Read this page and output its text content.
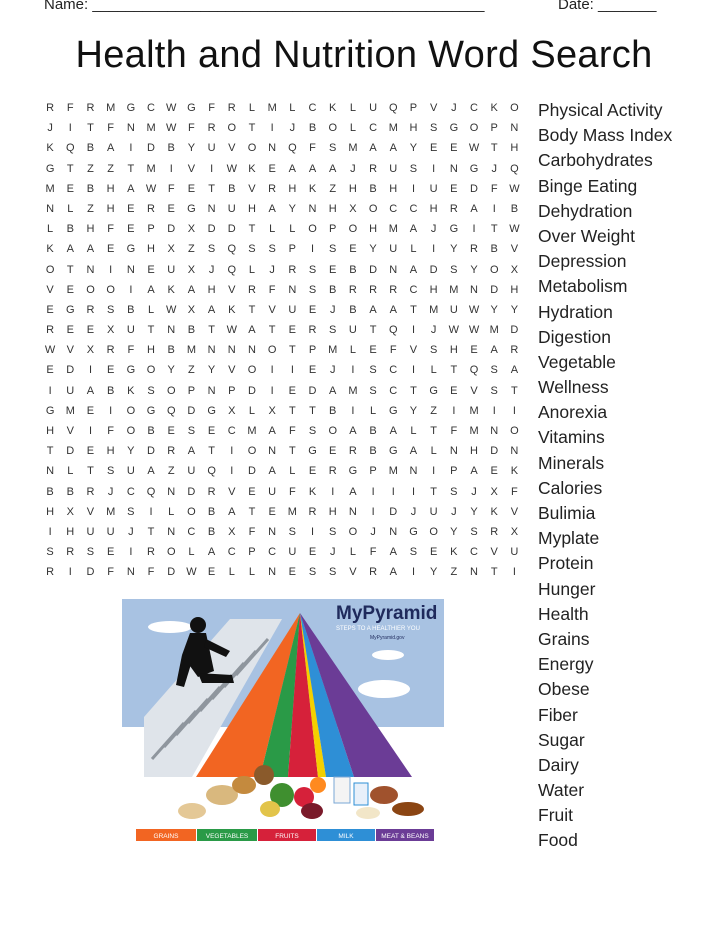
Name: _______________________________________________	Date: _______
Health and Nutrition Word Search
R	F	R	M	G	C	W G	F	R	L	M	L	C	K	L	U	Q	P	V	J	C	K	O
J	I	T	F	N	M W	F	R	O	T	I	J	B	O	L	C	M	H	S	G	O	P	N
K	Q	B	A	I	D	B	Y	U	V	O	N	Q	F	S	M	A	A	Y	E	E	W	T	H
G	T	Z	Z	T	M	I	V	I	W	K	E	A	A	A	J	R	U	S	I	N	G	J	Q
M	E	B	H	A	W	F	E	T	B	V	R	H	K	Z	H	B	H	I	U	E	D	F	W
N	L	Z	H	E	R	E	G	N	U	H	A	Y	N	H	X	O	C	C	H	R	A	I	B
L	B	H	F	E	P	D	X	D	D	T	L	L	O	P	O	H	M	A	J	G	I	T	W
K	A	A	E	G	H	X	Z	S	Q	S	S	P	I	S	E	Y	U	L	I	Y	R	B	V
O	T	N	I	N	E	U	X	J	Q	L	J	R	S	E	B	D	N	A	D	S	Y	O	X
V	E	O	O	I	A	K	A	H	V	R	F	N	S	B	R	R	R	C	H	M	N	D	H
E	G	R	S	B	L	W	X	A	K	T	V	U	E	J	B	A	A	T	M	U	W	Y	Y
R	E	E	X	U	T	N	B	T	W	A	T	E	R	S	U	T	Q	I	J	W W M	D
W	V	X	R	F	H	B	M	N	N	N	O	T	P	M	L	E	F	V	S	H	E	A	R
E	D	I	E	G	O	Y	Z	Y	V	O	I	I	E	J	I	S	C	I	L	T	Q	S	A
I	U	A	B	K	S	O	P	N	P	D	I	E	D	A	M	S	C	T	G	E	V	S	T
G	M	E	I	O	G	Q	D	G	X	L	X	T	T	B	I	L	G	Y	Z	I	M	I	I
H	V	I	F	O	B	E	S	E	C	M	A	F	S	O	A	B	A	L	T	F	M	N	O
T	D	E	H	Y	D	R	A	T	I	O	N	T	G	E	R	B	G	A	L	N	H	D	N
N	L	T	S	U	A	Z	U	Q	I	D	A	L	E	R	G	P	M	N	I	P	A	E	K
B	B	R	J	C	Q	N	D	R	V	E	U	F	K	I	A	I	I	I	T	S	J	X	F
H	X	V	M	S	I	L	O	B	A	T	E	M	R	H	N	I	D	J	U	J	Y	K	V
I	H	U	U	J	T	N	C	B	X	F	N	S	I	S	O	J	N	G	O	Y	S	R	X
S	R	S	E	I	R	O	L	A	C	P	C	U	E	J	L	F	A	S	E	K	C	V	U
R	I	D	F	N	F	D	W	E	L	L	N	E	S	S	V	R	A	I	Y	Z	N	T	I
Physical Activity
Body Mass Index
Carbohydrates
Binge Eating
Dehydration
Over Weight
Depression
Metabolism
Hydration
Digestion
Vegetable
Wellness
Anorexia
Vitamins
Minerals
Calories
Bulimia
Myplate
Protein
Hunger
Health
Grains
Energy
Obese
Fiber
Sugar
Dairy
Water
Fruit
Food
MyPyramid
STEPS TO A HEALTHIER YOU
MyPyramid.gov
GRAINS	VEGETABLES	FRUITS	MILK	MEAT & BEANS
